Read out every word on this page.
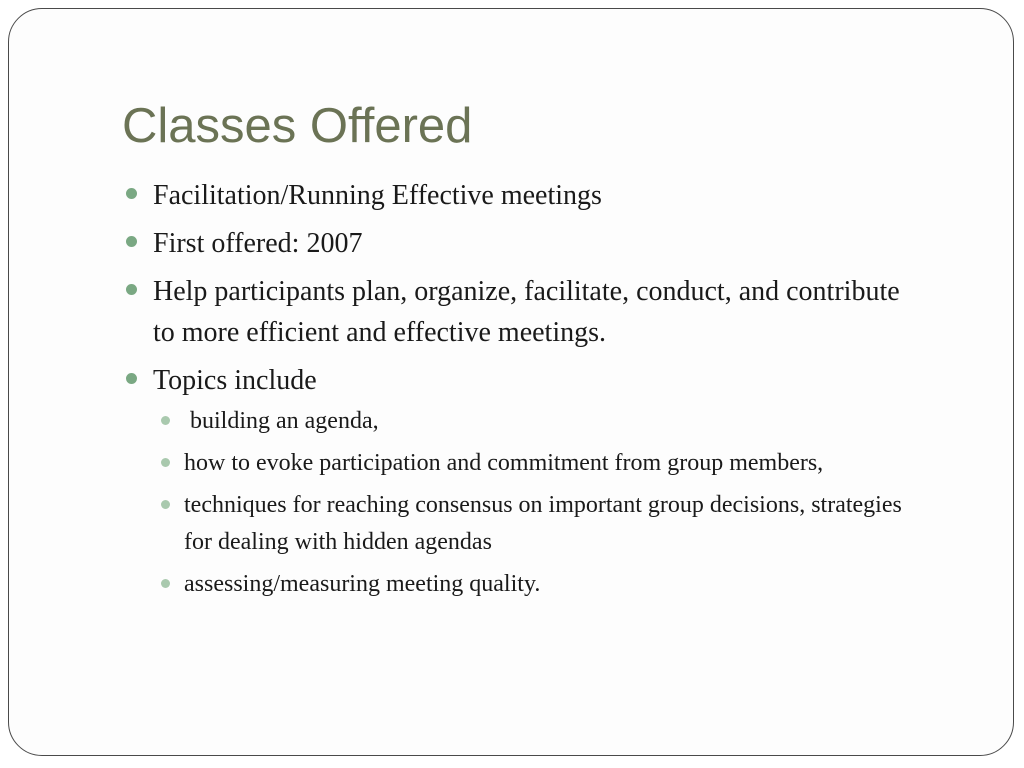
Classes Offered
Facilitation/Running Effective meetings
First offered: 2007
Help participants plan, organize, facilitate, conduct, and contribute to more efficient and effective meetings.
Topics include
building an agenda,
how to evoke participation and commitment from group members,
techniques for reaching consensus on important group decisions, strategies for dealing with hidden agendas
assessing/measuring meeting quality.
